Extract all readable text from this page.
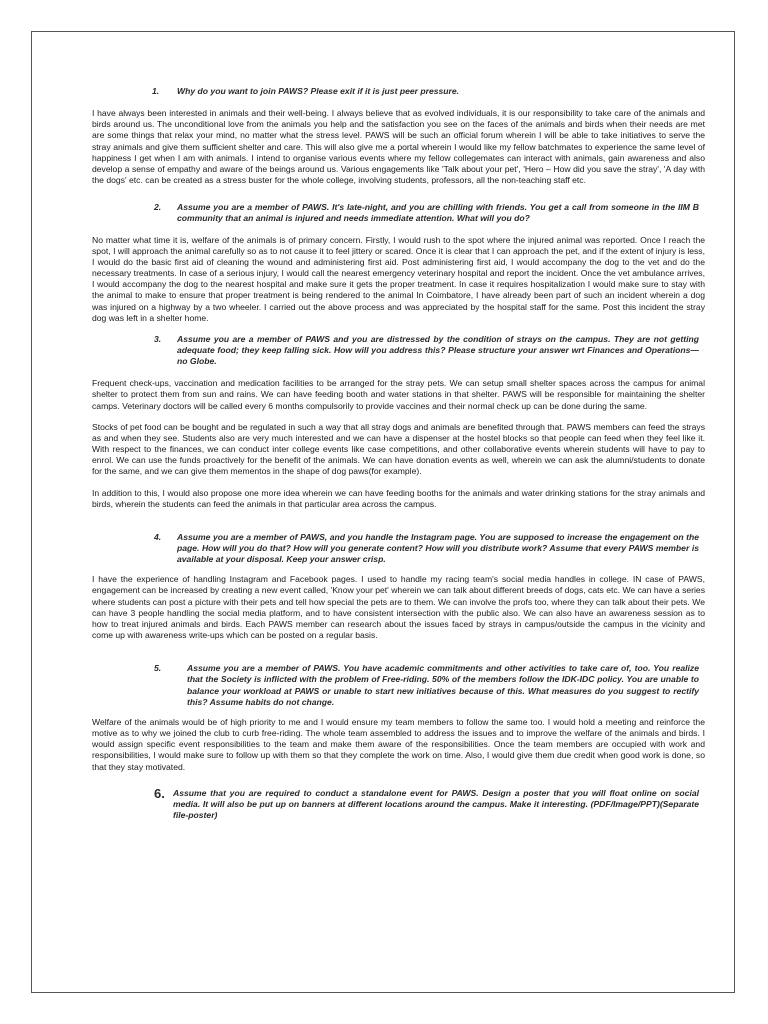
1.	Why do you want to join PAWS? Please exit if it is just peer pressure.

I have always been interested in animals and their well-being. I always believe that as evolved individuals, it is our responsibility to take care of the animals and birds around us. The unconditional love from the animals you help and the satisfaction you see on the faces of the animals and birds when their needs are met are some things that relax your mind, no matter what the stress level. PAWS will be such an official forum wherein I will be able to take initiatives to serve the stray animals and give them sufficient shelter and care. This will also give me a portal wherein I would like my fellow batchmates to experience the same level of happiness I get when I am with animals. I intend to organise various events where my fellow collegemates can interact with animals, gain awareness and also develop a sense of empathy and aware of the beings around us. Various engagements like 'Talk about your pet', 'Hero – How did you save the stray', 'A day with the dogs' etc. can be created as a stress buster for the whole college, involving students, professors, all the non-teaching staff etc.

2.	Assume you are a member of PAWS. It's late-night, and you are chilling with friends. You get a call from someone in the IIM B community that an animal is injured and needs immediate attention. What will you do?

No matter what time it is, welfare of the animals is of primary concern. Firstly, I would rush to the spot where the injured animal was reported. Once I reach the spot, I will approach the animal carefully so as to not cause it to feel jittery or scared. Once it is clear that I can approach the pet, and if the extent of injury is less, I would do the basic first aid of cleaning the wound and administering first aid. Post administering first aid, I would accompany the dog to the vet and do the necessary treatments. In case of a serious injury, I would call the nearest emergency veterinary hospital and report the incident. Once the vet ambulance arrives, I would accompany the dog to the nearest hospital and make sure it gets the proper treatment. In case it requires hospitalization I would make sure to stay with the animal to make to ensure that proper treatment is being rendered to the animal In Coimbatore, I have already been part of such an incident wherein a dog was injured on a highway by a two wheeler. I carried out the above process and was appreciated by the hospital staff for the same. Post this incident the stray dog was left in a shelter home.

3.	Assume you are a member of PAWS and you are distressed by the condition of strays on the campus. They are not getting adequate food; they keep falling sick. How will you address this? Please structure your answer wrt Finances and Operations—no Globe.

Frequent check-ups, vaccination and medication facilities to be arranged for the stray pets. We can setup small shelter spaces across the campus for animal shelter to protect them from sun and rains. We can have feeding booth and water stations in that shelter. PAWS will be responsible for maintaining the shelter camps. Veterinary doctors will be called every 6 months compulsorily to provide vaccines and their normal check up can be done during the same.

Stocks of pet food can be bought and be regulated in such a way that all stray dogs and animals are benefited through that. PAWS members can feed the strays as and when they see. Students also are very much interested and we can have a dispenser at the hostel blocks so that people can feed when they feel like it. With respect to the finances, we can conduct inter college events like case competitions, and other collaborative events wherein students will have to pay to enrol. We can use the funds proactively for the benefit of the animals. We can have donation events as well, wherein we can ask the alumni/students to donate for the same, and we can give them mementos in the shape of dog paws(for example).

In addition to this, I would also propose one more idea wherein we can have feeding booths for the animals and water drinking stations for the stray animals and birds, wherein the students can feed the animals in that particular area across the campus.

4.	Assume you are a member of PAWS, and you handle the Instagram page. You are supposed to increase the engagement on the page. How will you do that? How will you generate content? How will you distribute work? Assume that every PAWS member is available at your disposal. Keep your answer crisp.

I have the experience of handling Instagram and Facebook pages. I used to handle my racing team's social media handles in college. IN case of PAWS, engagement can be increased by creating a new event called, 'Know your pet' wherein we can talk about different breeds of dogs, cats etc. We can have a series where students can post a picture with their pets and tell how special the pets are to them. We can involve the profs too, where they can talk about their pets. We can have 3 people handling the social media platform, and to have consistent intersection with the public also. We can also have an awareness session as to how to treat injured animals and birds. Each PAWS member can research about the issues faced by strays in campus/outside the campus in the vicinity and come up with awareness write-ups which can be posted on a regular basis.

5.	Assume you are a member of PAWS. You have academic commitments and other activities to take care of, too. You realize that the Society is inflicted with the problem of Free-riding. 50% of the members follow the IDK-IDC policy. You are unable to balance your workload at PAWS or unable to start new initiatives because of this. What measures do you suggest to rectify this? Assume habits do not change.

Welfare of the animals would be of high priority to me and I would ensure my team members to follow the same too. I would hold a meeting and reinforce the motive as to why we joined the club to curb free-riding. The whole team assembled to address the issues and to improve the welfare of the animals and birds. I would assign specific event responsibilities to the team and make them aware of the responsibilities. Once the team members are occupied with work and responsibilities, I would make sure to follow up with them so that they complete the work on time. Also, I would give them due credit when good work is done, so that they stay motivated.

6. Assume that you are required to conduct a standalone event for PAWS. Design a poster that you will float online on social media. It will also be put up on banners at different locations around the campus. Make it interesting. (PDF/Image/PPT)(Separate file-poster)
